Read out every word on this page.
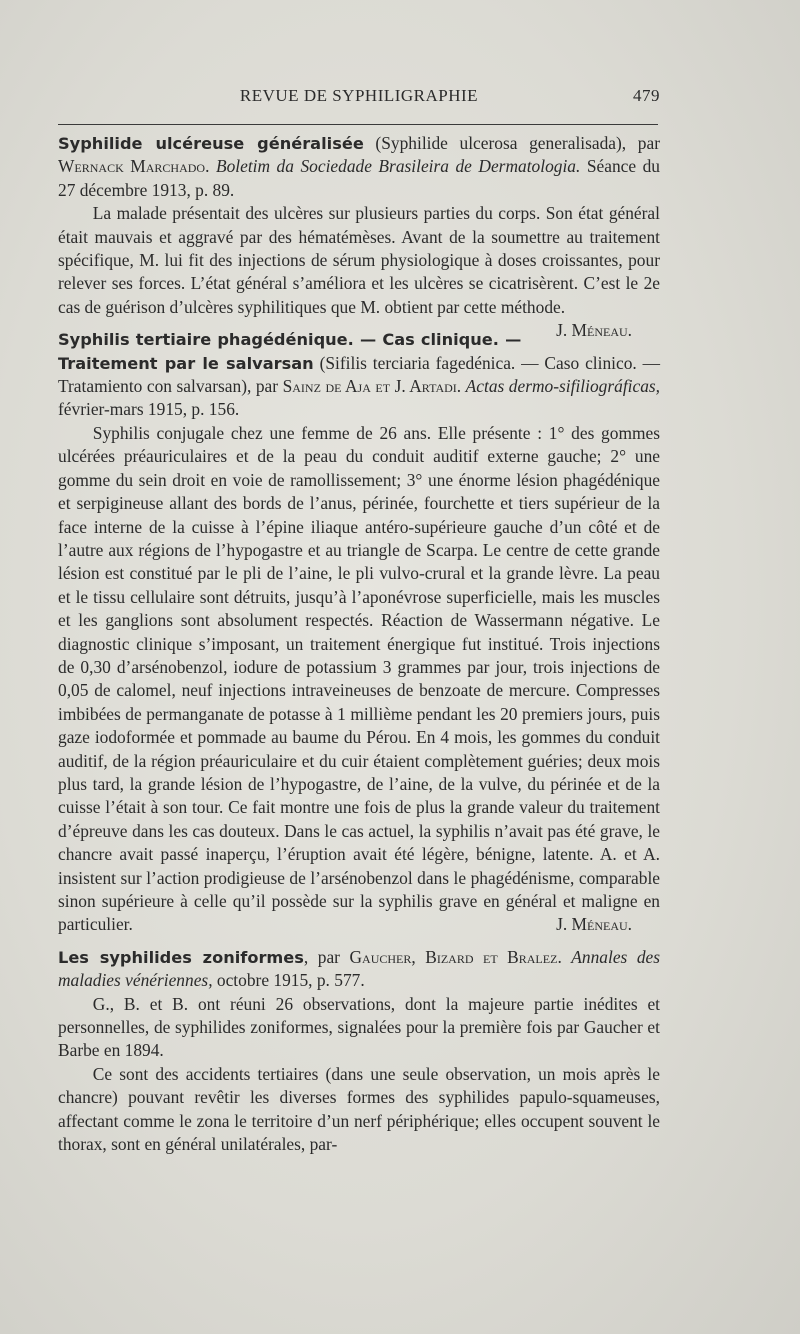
REVUE DE SYPHILIGRAPHIE	479

Syphilide ulcéreuse généralisée (Syphilide ulcerosa generalisada), par Wernack Marchado. Boletim da Sociedade Brasileira de Dermatologia. Séance du 27 décembre 1913, p. 89.

La malade présentait des ulcères sur plusieurs parties du corps. Son état général était mauvais et aggravé par des hématémèses. Avant de la soumettre au traitement spécifique, M. lui fit des injections de sérum physiologique à doses croissantes, pour relever ses forces. L’état général s’améliora et les ulcères se cicatrisèrent. C’est le 2e cas de guérison d’ulcères syphilitiques que M. obtient par cette méthode.
J. Méneau.

Syphilis tertiaire phagédénique. — Cas clinique. — Traitement par le salvarsan (Sifilis terciaria fagedénica. — Caso clinico. — Tratamiento con salvarsan), par Sainz de Aja et J. Artadi. Actas dermo-sifiliográficas, février-mars 1915, p. 156.

Syphilis conjugale chez une femme de 26 ans. Elle présente : 1° des gommes ulcérées préauriculaires et de la peau du conduit auditif externe gauche; 2° une gomme du sein droit en voie de ramollissement; 3° une énorme lésion phagédénique et serpigineuse allant des bords de l’anus, périnée, fourchette et tiers supérieur de la face interne de la cuisse à l’épine iliaque antéro-supérieure gauche d’un côté et de l’autre aux régions de l’hypogastre et au triangle de Scarpa. Le centre de cette grande lésion est constitué par le pli de l’aine, le pli vulvo-crural et la grande lèvre. La peau et le tissu cellulaire sont détruits, jusqu’à l’aponévrose superficielle, mais les muscles et les ganglions sont absolument respectés. Réaction de Wassermann négative. Le diagnostic clinique s’imposant, un traitement énergique fut institué. Trois injections de 0,30 d’arsénobenzol, iodure de potassium 3 grammes par jour, trois injections de 0,05 de calomel, neuf injections intraveineuses de benzoate de mercure. Compresses imbibées de permanganate de potasse à 1 millième pendant les 20 premiers jours, puis gaze iodoformée et pommade au baume du Pérou. En 4 mois, les gommes du conduit auditif, de la région préauriculaire et du cuir étaient complètement guéries; deux mois plus tard, la grande lésion de l’hypogastre, de l’aine, de la vulve, du périnée et de la cuisse l’était à son tour. Ce fait montre une fois de plus la grande valeur du traitement d’épreuve dans les cas douteux. Dans le cas actuel, la syphilis n’avait pas été grave, le chancre avait passé inaperçu, l’éruption avait été légère, bénigne, latente. A. et A. insistent sur l’action prodigieuse de l’arsénobenzol dans le phagédénisme, comparable sinon supérieure à celle qu’il possède sur la syphilis grave en général et maligne en particulier.	J. Méneau.

Les syphilides zoniformes, par Gaucher, Bizard et Bralez. Annales des maladies vénériennes, octobre 1915, p. 577.

G., B. et B. ont réuni 26 observations, dont la majeure partie inédites et personnelles, de syphilides zoniformes, signalées pour la première fois par Gaucher et Barbe en 1894.

Ce sont des accidents tertiaires (dans une seule observation, un mois après le chancre) pouvant revêtir les diverses formes des syphilides papulo-squameuses, affectant comme le zona le territoire d’un nerf périphérique; elles occupent souvent le thorax, sont en général unilatérales, par-
